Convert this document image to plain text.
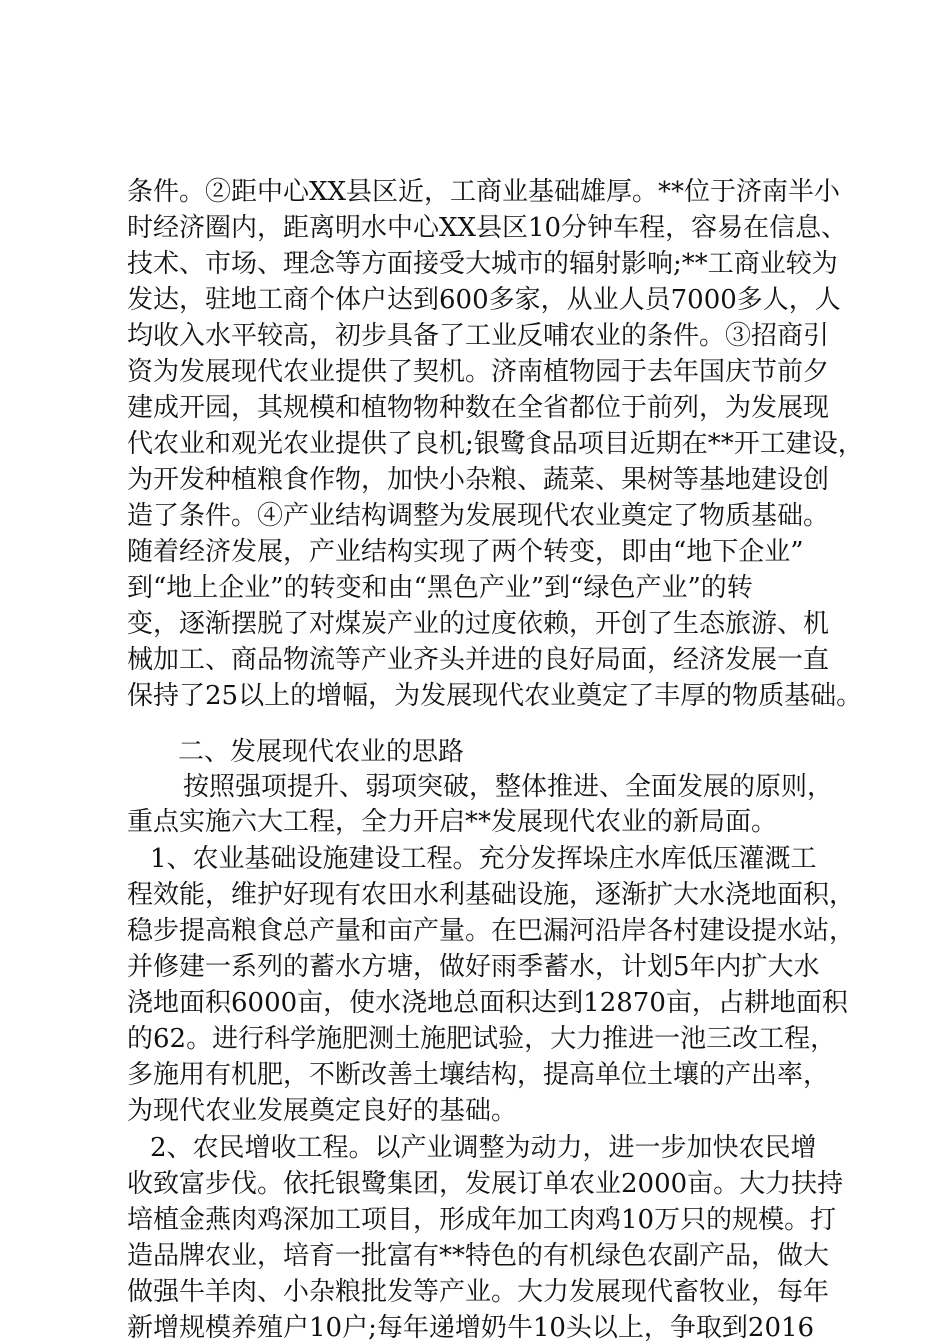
条件。②距中心XX县区近，工商业基础雄厚。**位于济南半小
时经济圈内，距离明水中心XX县区10分钟车程，容易在信息、
技术、市场、理念等方面接受大城市的辐射影响;**工商业较为
发达，驻地工商个体户达到600多家，从业人员7000多人，人
均收入水平较高，初步具备了工业反哺农业的条件。③招商引
资为发展现代农业提供了契机。济南植物园于去年国庆节前夕
建成开园，其规模和植物物种数在全省都位于前列，为发展现
代农业和观光农业提供了良机;银鹭食品项目近期在**开工建设，
为开发种植粮食作物，加快小杂粮、蔬菜、果树等基地建设创
造了条件。④产业结构调整为发展现代农业奠定了物质基础。
随着经济发展，产业结构实现了两个转变，即由“地下企业”
到“地上企业”的转变和由“黑色产业”到“绿色产业”的转
变，逐渐摆脱了对煤炭产业的过度依赖，开创了生态旅游、机
械加工、商品物流等产业齐头并进的良好局面，经济发展一直
保持了25以上的增幅，为发展现代农业奠定了丰厚的物质基础。
二、发展现代农业的思路
按照强项提升、弱项突破，整体推进、全面发展的原则，
重点实施六大工程，全力开启**发展现代农业的新局面。
1、农业基础设施建设工程。充分发挥垛庄水库低压灌溉工
程效能，维护好现有农田水利基础设施，逐渐扩大水浇地面积，
稳步提高粮食总产量和亩产量。在巴漏河沿岸各村建设提水站，
并修建一系列的蓄水方塘，做好雨季蓄水，计划5年内扩大水
浇地面积6000亩，使水浇地总面积达到12870亩，占耕地面积
的62。进行科学施肥测土施肥试验，大力推进一池三改工程，
多施用有机肥，不断改善土壤结构，提高单位土壤的产出率，
为现代农业发展奠定良好的基础。
2、农民增收工程。以产业调整为动力，进一步加快农民增
收致富步伐。依托银鹭集团，发展订单农业2000亩。大力扶持
培植金燕肉鸡深加工项目，形成年加工肉鸡10万只的规模。打
造品牌农业，培育一批富有**特色的有机绿色农副产品，做大
做强牛羊肉、小杂粮批发等产业。大力发展现代畜牧业，每年
新增规模养殖户10户;每年递增奶牛10头以上，争取到2016
